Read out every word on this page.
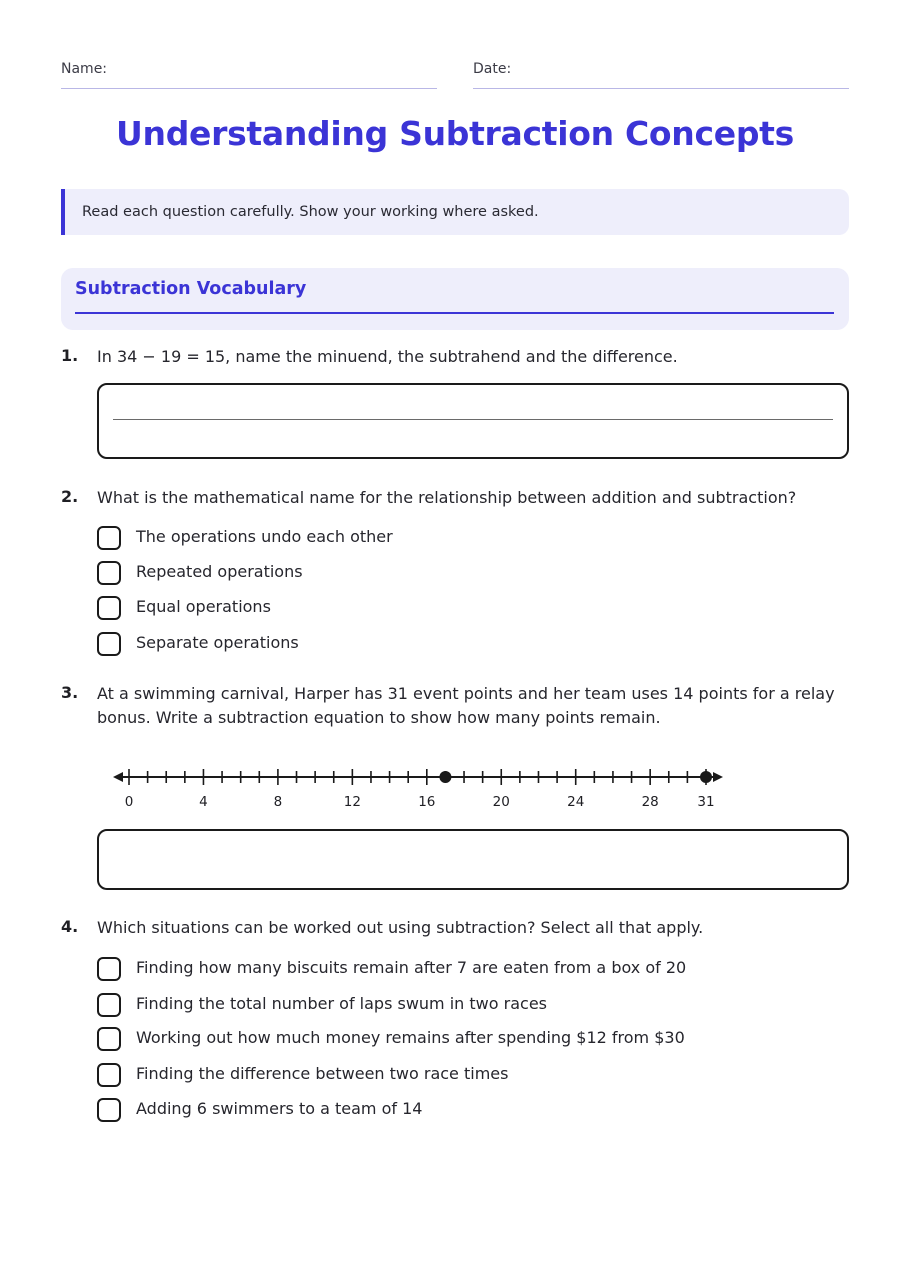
Name:	Date:
Understanding Subtraction Concepts
Read each question carefully. Show your working where asked.
Subtraction Vocabulary
1. In 34 − 19 = 15, name the minuend, the subtrahend and the difference.
2. What is the mathematical name for the relationship between addition and subtraction?
The operations undo each other
Repeated operations
Equal operations
Separate operations
3. At a swimming carnival, Harper has 31 event points and her team uses 14 points for a relay
bonus. Write a subtraction equation to show how many points remain.
0	4	8	12	16	20	24	28	31
4. Which situations can be worked out using subtraction? Select all that apply.
Finding how many biscuits remain after 7 are eaten from a box of 20
Finding the total number of laps swum in two races
Working out how much money remains after spending $12 from $30
Finding the difference between two race times
Adding 6 swimmers to a team of 14
